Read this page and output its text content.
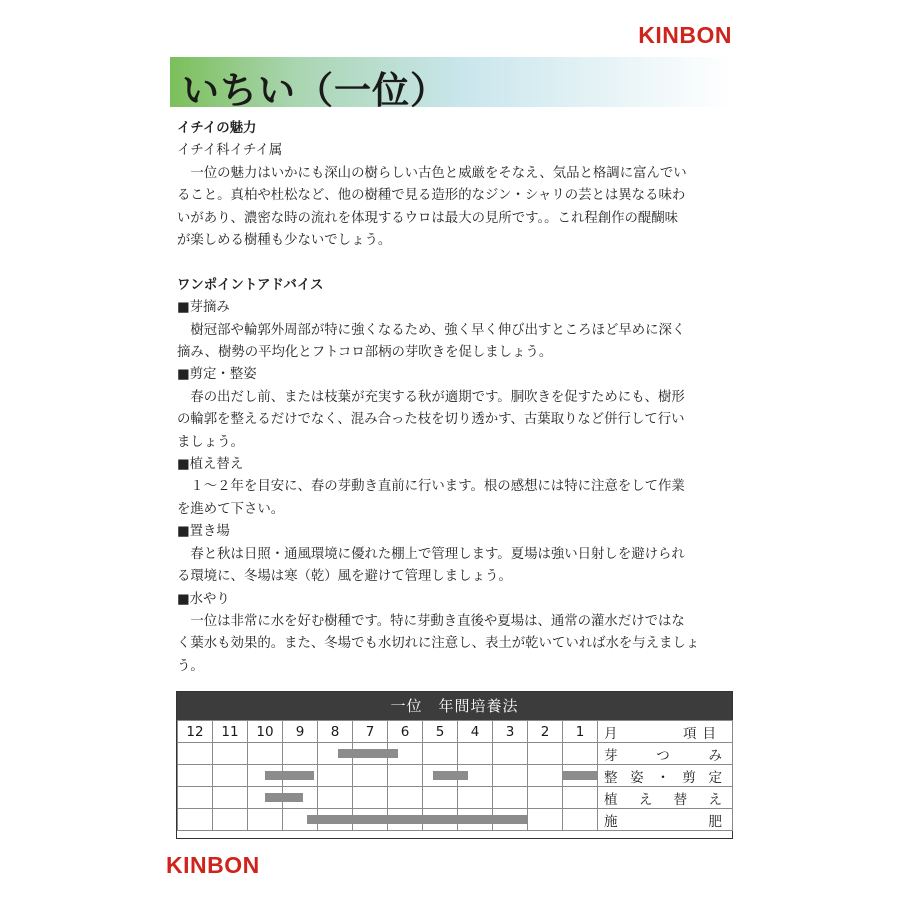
KINBON
いちい（一位）
イチイの魅力
イチイ科イチイ属
　一位の魅力はいかにも深山の樹らしい古色と威厳をそなえ、気品と格調に富んでい
ること。真柏や杜松など、他の樹種で見る造形的なジン・シャリの芸とは異なる味わ
いがあり、濃密な時の流れを体現するウロは最大の見所です。。これ程創作の醍醐味
が楽しめる樹種も少ないでしょう。
ワンポイントアドバイス
■芽摘み
　樹冠部や輪郭外周部が特に強くなるため、強く早く伸び出すところほど早めに深く
摘み、樹勢の平均化とフトコロ部柄の芽吹きを促しましょう。
■剪定・整姿
　春の出だし前、または枝葉が充実する秋が適期です。胴吹きを促すためにも、樹形
の輪郭を整えるだけでなく、混み合った枝を切り透かす、古葉取りなど併行して行い
ましょう。
■植え替え
　１～２年を目安に、春の芽動き直前に行います。根の感想には特に注意をして作業
を進めて下さい。
■置き場
　春と秋は日照・通風環境に優れた棚上で管理します。夏場は強い日射しを避けられ
る環境に、冬場は寒（乾）風を避けて管理しましょう。
■水やり
　一位は非常に水を好む樹種です。特に芽動き直後や夏場は、通常の灌水だけではな
く葉水も効果的。また、冬場でも水切れに注意し、表土が乾いていれば水を与えましょ
う。
一位　年間培養法
12	11	10	9	8	7	6	5	4	3	2	1	月 項目

												芽 つ み

												整 姿 ・ 剪 定

												植 え 替 え

												施 肥
KINBON
